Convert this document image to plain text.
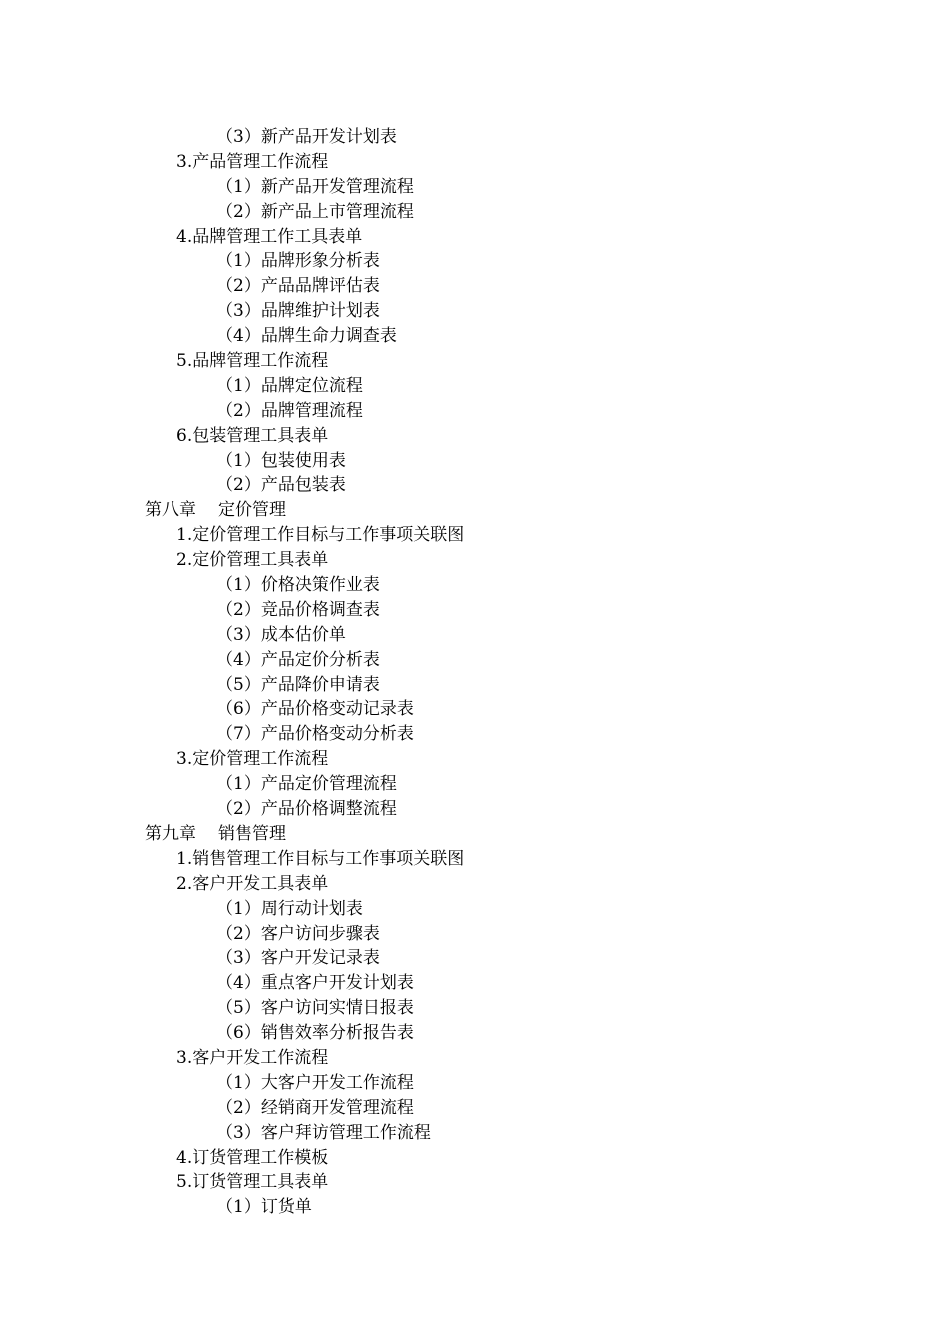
（3）新产品开发计划表
3.产品管理工作流程
（1）新产品开发管理流程
（2）新产品上市管理流程
4.品牌管理工作工具表单
（1）品牌形象分析表
（2）产品品牌评估表
（3）品牌维护计划表
（4）品牌生命力调查表
5.品牌管理工作流程
（1）品牌定位流程
（2）品牌管理流程
6.包装管理工具表单
（1）包装使用表
（2）产品包装表
第八章 定价管理
1.定价管理工作目标与工作事项关联图
2.定价管理工具表单
（1）价格决策作业表
（2）竞品价格调查表
（3）成本估价单
（4）产品定价分析表
（5）产品降价申请表
（6）产品价格变动记录表
（7）产品价格变动分析表
3.定价管理工作流程
（1）产品定价管理流程
（2）产品价格调整流程
第九章 销售管理
1.销售管理工作目标与工作事项关联图
2.客户开发工具表单
（1）周行动计划表
（2）客户访问步骤表
（3）客户开发记录表
（4）重点客户开发计划表
（5）客户访问实情日报表
（6）销售效率分析报告表
3.客户开发工作流程
（1）大客户开发工作流程
（2）经销商开发管理流程
（3）客户拜访管理工作流程
4.订货管理工作模板
5.订货管理工具表单
（1）订货单
